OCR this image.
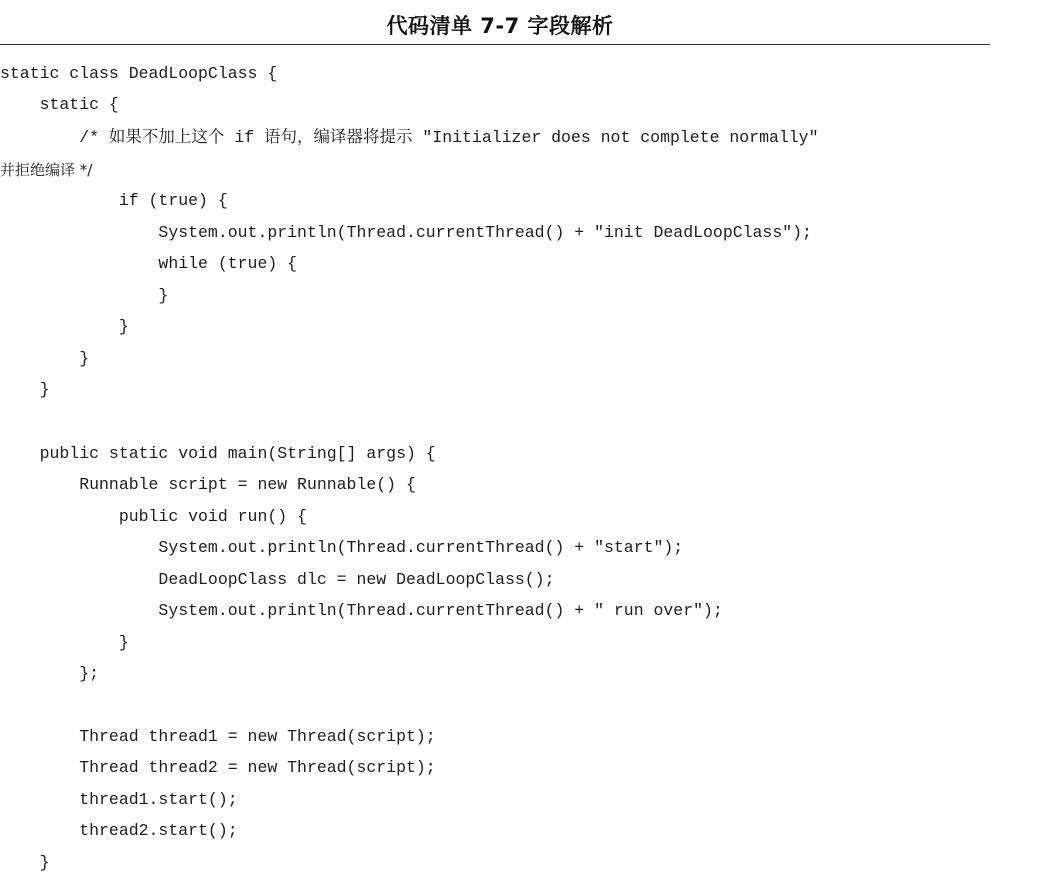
代码清单 7-7 字段解析
static class DeadLoopClass {
static {
/* 如果不加上这个 if 语句，编译器将提示 "Initializer does not complete normally"
并拒绝编译 */
if (true) {
System.out.println(Thread.currentThread() + "init DeadLoopClass");
while (true) {
}
}
}
}
public static void main(String[] args) {
Runnable script = new Runnable() {
public void run() {
System.out.println(Thread.currentThread() + "start");
DeadLoopClass dlc = new DeadLoopClass();
System.out.println(Thread.currentThread() + " run over");
}
};
Thread thread1 = new Thread(script);
Thread thread2 = new Thread(script);
thread1.start();
thread2.start();
}
